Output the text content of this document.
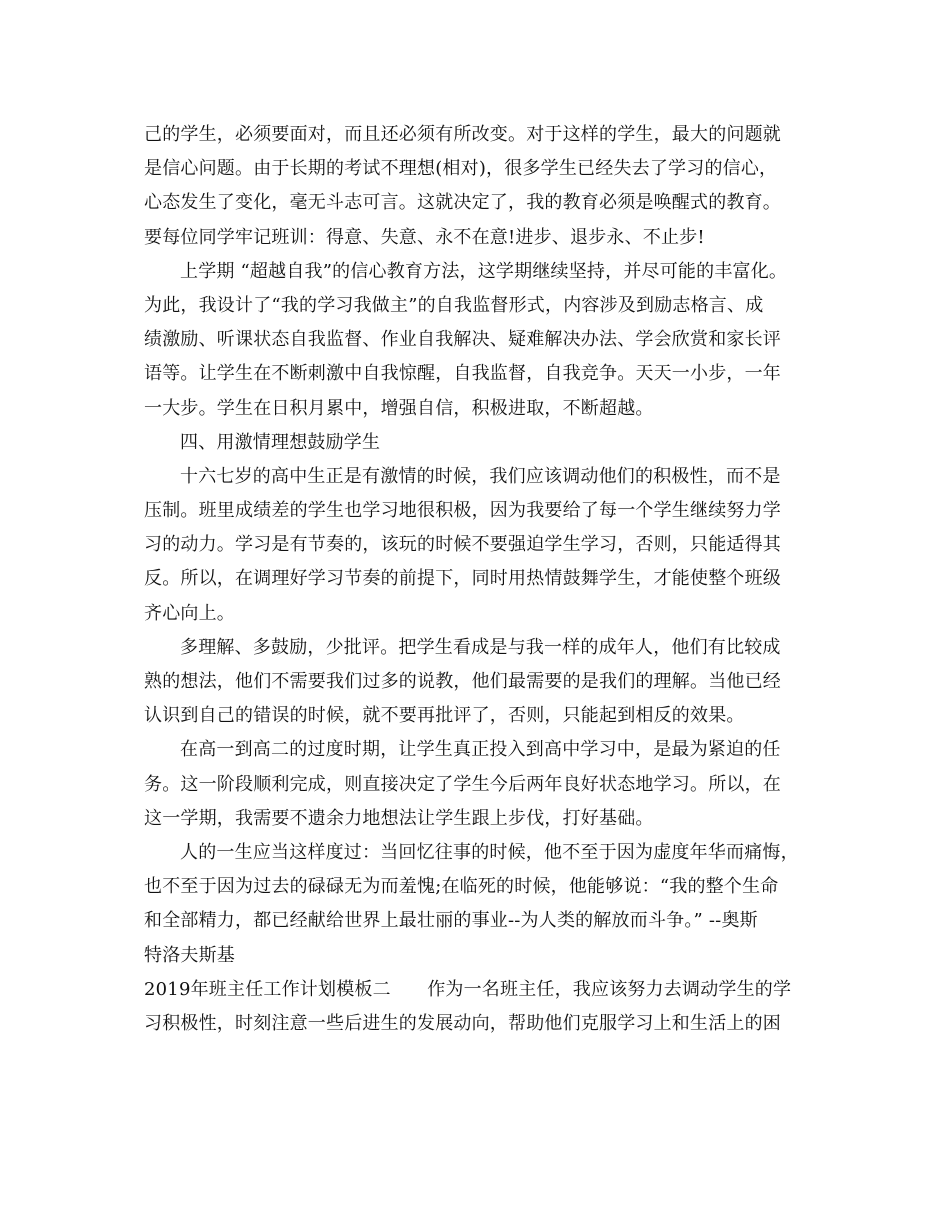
己的学生，必须要面对，而且还必须有所改变。对于这样的学生，最大的问题就
是信心问题。由于长期的考试不理想(相对)，很多学生已经失去了学习的信心，
心态发生了变化，毫无斗志可言。这就决定了，我的教育必须是唤醒式的教育。
要每位同学牢记班训：得意、失意、永不在意!进步、退步永、不止步!
上学期 “超越自我”的信心教育方法，这学期继续坚持，并尽可能的丰富化。
为此，我设计了“我的学习我做主”的自我监督形式，内容涉及到励志格言、成
绩激励、听课状态自我监督、作业自我解决、疑难解决办法、学会欣赏和家长评
语等。让学生在不断刺激中自我惊醒，自我监督，自我竞争。天天一小步，一年
一大步。学生在日积月累中，增强自信，积极进取，不断超越。
四、用激情理想鼓励学生
十六七岁的高中生正是有激情的时候，我们应该调动他们的积极性，而不是
压制。班里成绩差的学生也学习地很积极，因为我要给了每一个学生继续努力学
习的动力。学习是有节奏的，该玩的时候不要强迫学生学习，否则，只能适得其
反。所以，在调理好学习节奏的前提下，同时用热情鼓舞学生，才能使整个班级
齐心向上。
多理解、多鼓励，少批评。把学生看成是与我一样的成年人，他们有比较成
熟的想法，他们不需要我们过多的说教，他们最需要的是我们的理解。当他已经
认识到自己的错误的时候，就不要再批评了，否则，只能起到相反的效果。
在高一到高二的过度时期，让学生真正投入到高中学习中，是最为紧迫的任
务。这一阶段顺利完成，则直接决定了学生今后两年良好状态地学习。所以，在
这一学期，我需要不遗余力地想法让学生跟上步伐，打好基础。
人的一生应当这样度过：当回忆往事的时候，他不至于因为虚度年华而痛悔，
也不至于因为过去的碌碌无为而羞愧;在临死的时候，他能够说：“我的整个生命
和全部精力，都已经献给世界上最壮丽的事业--为人类的解放而斗争。” --奥斯
特洛夫斯基
2019年班主任工作计划模板二　　作为一名班主任，我应该努力去调动学生的学
习积极性，时刻注意一些后进生的发展动向，帮助他们克服学习上和生活上的困
